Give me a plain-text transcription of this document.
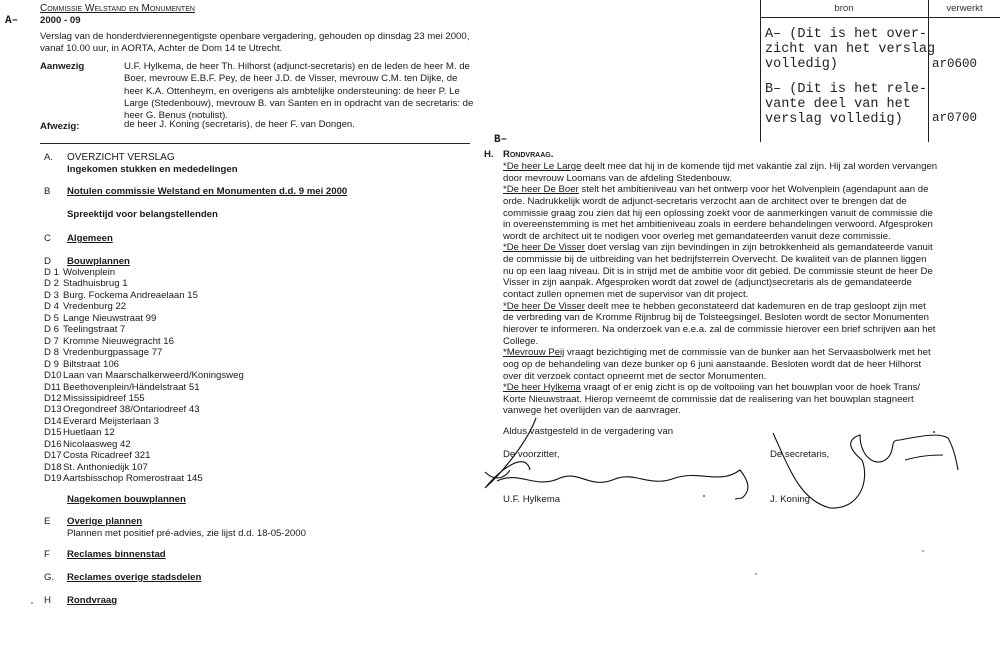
Commissie Welstand en Monumenten
A– 2000 - 09
Verslag van de honderdvierennegentigste openbare vergadering, gehouden op dinsdag 23 mei 2000,
vanaf 10.00 uur, in AORTA, Achter de Dom 14 te Utrecht.
Aanwezig	U.F. Hylkema, de heer Th. Hilhorst (adjunct-secretaris) en de leden de heer M. de
Boer, mevrouw E.B.F. Pey, de heer J.D. de Visser, mevrouw C.M. ten Dijke, de
heer K.A. Ottenheym, en overigens als ambtelijke ondersteuning: de heer P. Le
Large (Stedenbouw), mevrouw B. van Santen en in opdracht van de secretaris: de
heer G. Benus (notulist).
Afwezig:	de heer J. Koning (secretaris), de heer F. van Dongen.
B–
bron	verwerkt
A– (Dit is het over-
zicht van het verslag
volledig)	ar0600
B– (Dit is het rele-
vante deel van het
verslag volledig)	ar0700
A. OVERZICHT VERSLAG
Ingekomen stukken en mededelingen
B Notulen commissie Welstand en Monumenten d.d. 9 mei 2000
Spreektijd voor belangstellenden
C Algemeen
D Bouwplannen
D 1 Wolvenplein
D 2 Stadhuisbrug 1
D 3 Burg. Fockema Andreaelaan 15
D 4 Vredenburg 22
D 5 Lange Nieuwstraat 99
D 6 Teelingstraat 7
D 7 Kromme Nieuwegracht 16
D 8 Vredenburgpassage 77
D 9 Biltstraat 106
D10 Laan van Maarschalkerweerd/Koningsweg
D11 Beethovenplein/Händelstraat 51
D12 Mississipidreef 155
D13 Oregondreef 38/Ontariodreef 43
D14 Everard Meijsterlaan 3
D15 Huetlaan 12
D16 Nicolaasweg 42
D17 Costa Ricadreef 321
D18 St. Anthoniedijk 107
D19 Aartsbisschop Romerostraat 145
Nagekomen bouwplannen
E Overige plannen
Plannen met positief pré-advies, zie lijst d.d. 18-05-2000
F Reclames binnenstad
G. Reclames overige stadsdelen
H Rondvraag
H. Rondvraag.
*De heer Le Large deelt mee dat hij in de komende tijd met vakantie zal zijn. Hij zal worden vervangen
door mevrouw Loomans van de afdeling Stedenbouw.
*De heer De Boer stelt het ambitieniveau van het ontwerp voor het Wolvenplein (agendapunt aan de
orde. Nadrukkelijk wordt de adjunct-secretaris verzocht aan de architect over te brengen dat de
commissie graag zou zien dat hij een oplossing zoekt voor de aanmerkingen vanuit de commissie die
in overeenstemming is met het ambitieniveau zoals in eerdere behandelingen verwoord. Afgesproken
wordt de architect uit te nodigen voor overleg met gemandateerden vanuit deze commissie.
*De heer De Visser doet verslag van zijn bevindingen in zijn betrokkenheid als gemandateerde vanuit
de commissie bij de uitbreiding van het bedrijfsterrein Overvecht. De kwaliteit van de plannen liggen
nu op een laag niveau. Dit is in strijd met de ambitie voor dit gebied. De commissie steunt de heer De
Visser in zijn aanpak. Afgesproken wordt dat zowel de (adjunct)secretaris als de gemandateerde
contact zullen opnemen met de supervisor van dit project.
*De heer De Visser deelt mee te hebben geconstateerd dat kademuren en de trap gesloopt zijn met
de verbreding van de Kromme Rijnbrug bij de Tolsteegsingel. Besloten wordt de sector Monumenten
hierover te informeren. Na onderzoek van e.e.a. zal de commissie hierover een brief schrijven aan het
College.
*Mevrouw Peij vraagt bezichtiging met de commissie van de bunker aan het Servaasbolwerk met het
oog op de behandeling van deze bunker op 6 juni aanstaande. Besloten wordt dat de heer Hilhorst
over dit verzoek contact opneemt met de sector Monumenten.
*De heer Hylkema vraagt of er enig zicht is op de voltooiing van het bouwplan voor de hoek Trans/
Korte Nieuwstraat. Hierop verneemt de commissie dat de realisering van het bouwplan stagneert
vanwege het overlijden van de aanvrager.
Aldus vastgesteld in de vergadering van
De voorzitter,
U.F. Hylkema
De secretaris,
J. Koning
